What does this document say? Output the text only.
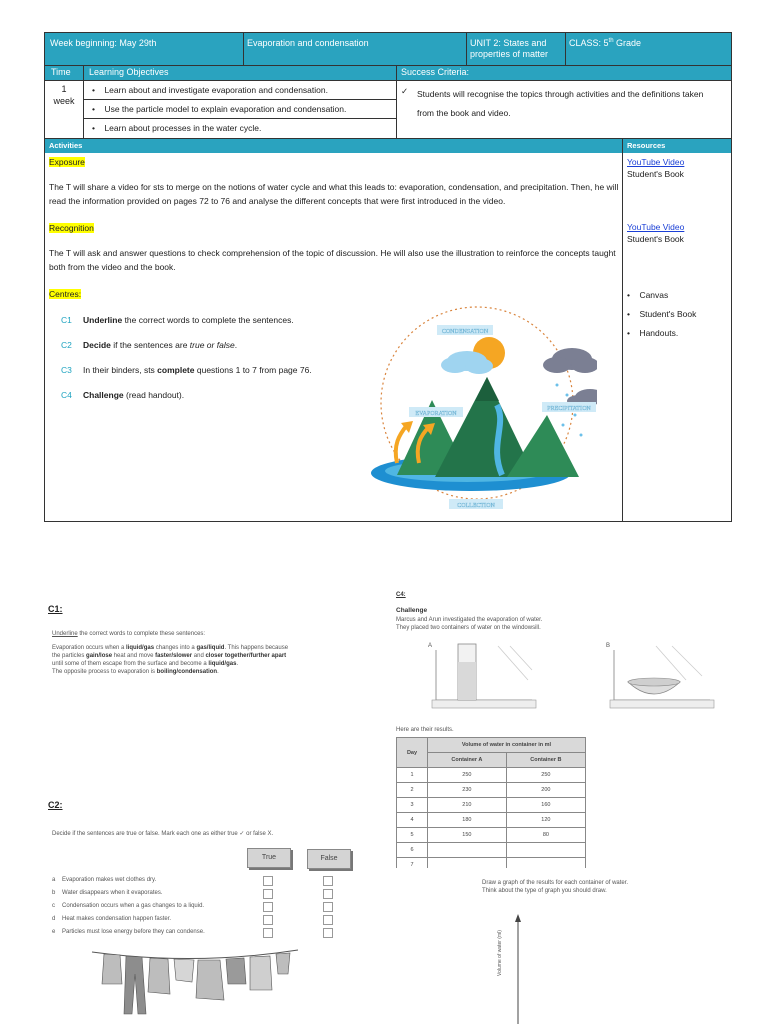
Week beginning: May 29th	Evaporation and condensation	UNIT 2: States and properties of matter
CLASS: 5th Grade
Time Learning Objectives	Success Criteria:
1
week
•    Learn about and investigate evaporation and condensation.
•    Use the particle model to explain evaporation and condensation.
•    Learn about processes in the water cycle.
✓ Students will recognise the topics through activities and the definitions taken from the book and video.
Activities	Resources
Exposure
The T will share a video for sts to merge on the notions of water cycle and what this leads to: evaporation, condensation, and precipitation. Then, he will read the information provided on pages 72 to 76 and analyse the different concepts that were first introduced in the video.
YouTube Video
Student's Book
Recognition
The T will ask and answer questions to check comprehension of the topic of discussion. He will also use the illustration to reinforce the concepts taught both from the video and the book.
YouTube Video
Student's Book
Centres:
C1 Underline the correct words to complete the sentences.
C2 Decide if the sentences are true or false.
C3 In their binders, sts complete questions 1 to 7 from page 76.
C4 Challenge (read handout).
•    Canvas
•    Student's Book
•    Handouts.
CONDENSATION
EVAPORATION
PRECIPITATION
COLLECTION
C1:
Underline the correct words to complete these sentences:
Evaporation occurs when a liquid/gas changes into a gas/liquid. This happens because
the particles gain/lose heat and move faster/slower and closer together/further apart
until some of them escape from the surface and become a liquid/gas.
The opposite process to evaporation is boiling/condensation.
C2:
Decide if the sentences are true or false. Mark each one as either true ✓ or false X.
True	False
a Evaporation makes wet clothes dry.
b Water disappears when it evaporates.
c Condensation occurs when a gas changes to a liquid.
d Heat makes condensation happen faster.
e Particles must lose energy before they can condense.
C4:
Challenge
Marcus and Arun investigated the evaporation of water.
They placed two containers of water on the windowsill.
A	B
Here are their results.
Day	Volume of water in container in ml	
	Container A	Container B
1	250	250
2	230	200
3	210	160
4	180	120
5	150	80
6		
7		
Draw a graph of the results for each container of water.
Think about the type of graph you should draw.
Volume of water (ml)
